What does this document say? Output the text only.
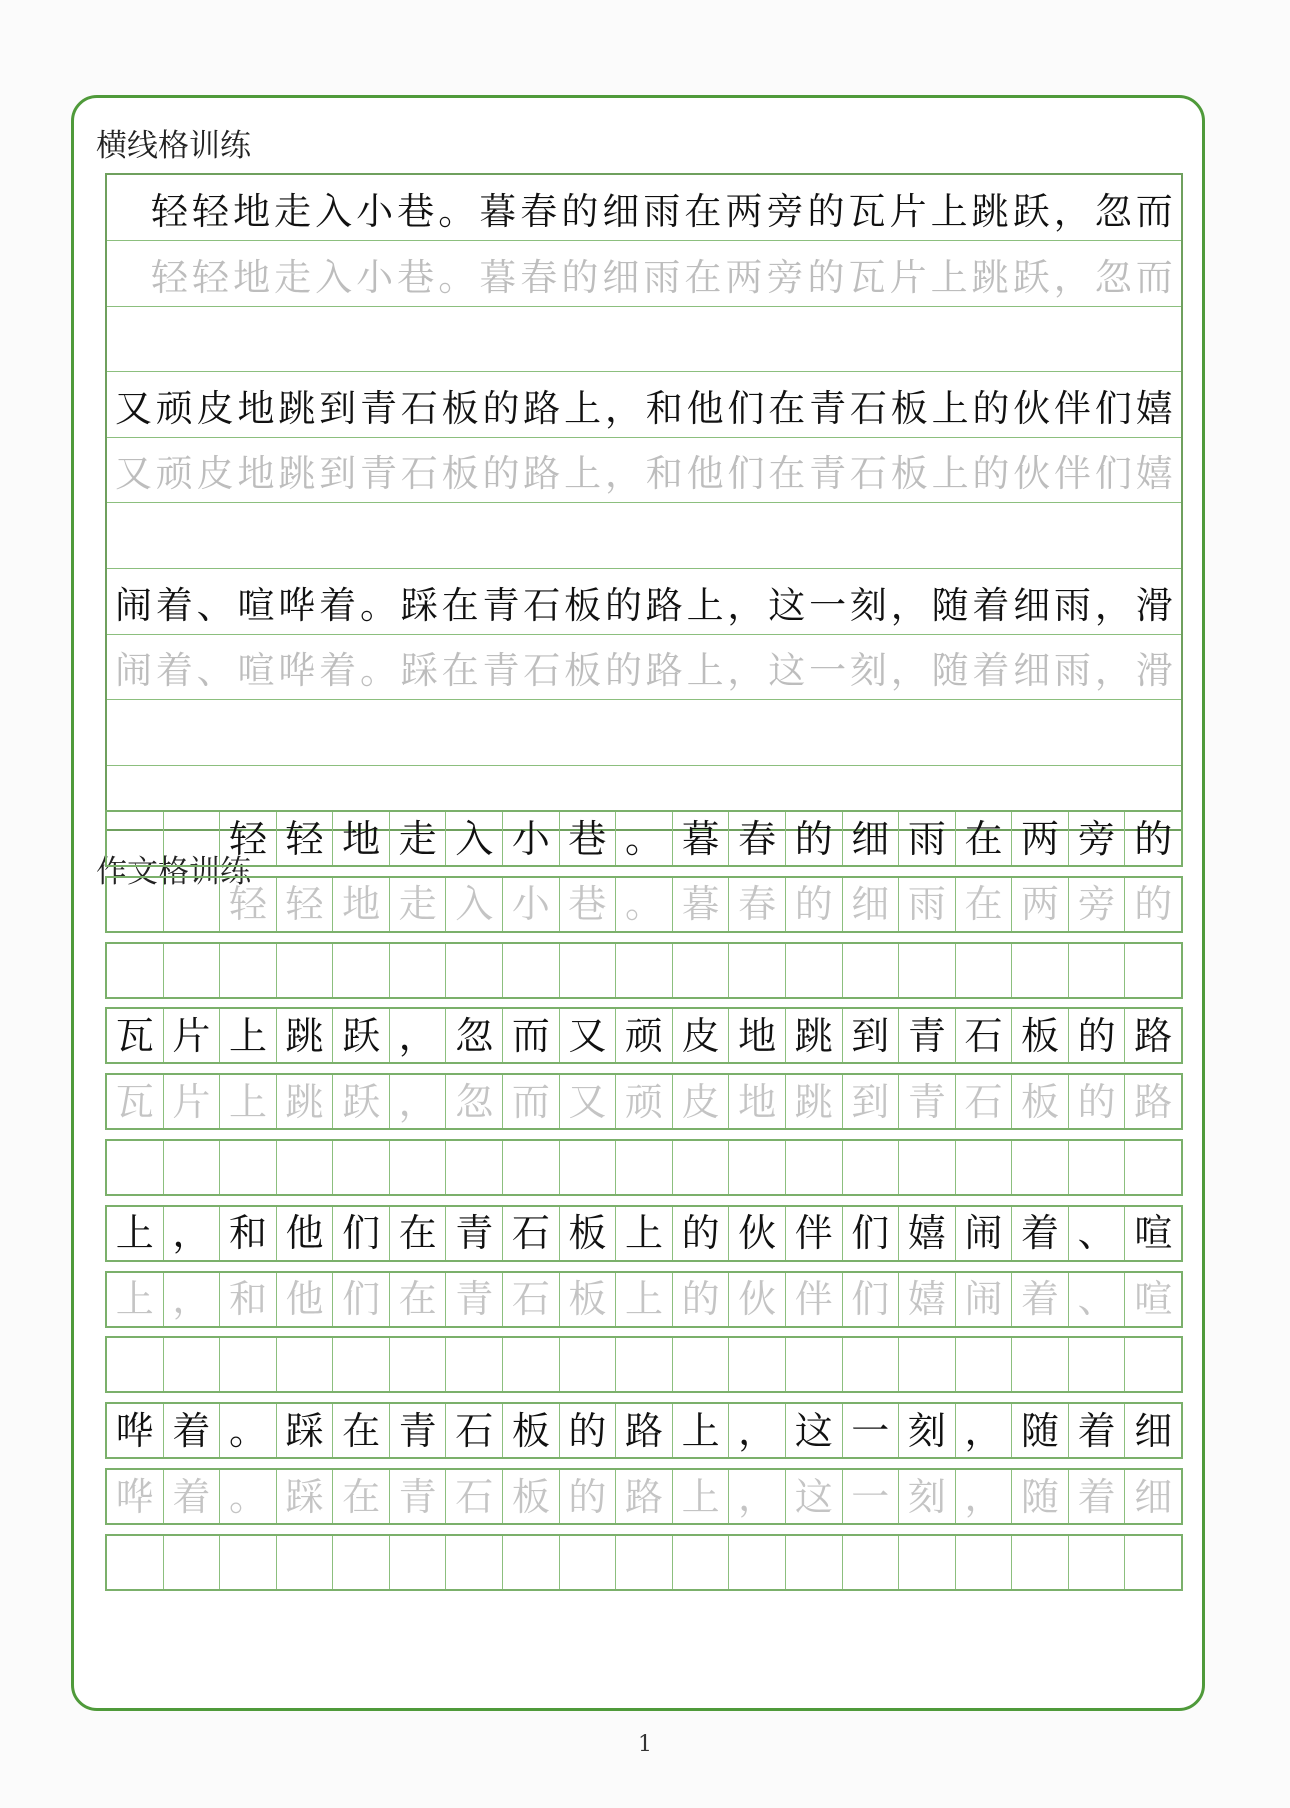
横线格训练
轻 轻 地 走 入 小 巷 。 暮 春 的 细 雨 在 两 旁 的 瓦 片 上 跳 跃 ， 忽 而
轻 轻 地 走 入 小 巷 。 暮 春 的 细 雨 在 两 旁 的 瓦 片 上 跳 跃 ， 忽 而
又 顽 皮 地 跳 到 青 石 板 的 路 上 ， 和 他 们 在 青 石 板 上 的 伙 伴 们 嬉
又 顽 皮 地 跳 到 青 石 板 的 路 上 ， 和 他 们 在 青 石 板 上 的 伙 伴 们 嬉
闹 着 、 喧 哗 着 。 踩 在 青 石 板 的 路 上 ， 这 一 刻 ， 随 着 细 雨 ， 滑
闹 着 、 喧 哗 着 。 踩 在 青 石 板 的 路 上 ， 这 一 刻 ， 随 着 细 雨 ， 滑
作文格训练
轻 轻 地 走 入 小 巷 。 暮 春 的 细 雨 在 两 旁 的
轻 轻 地 走 入 小 巷 。 暮 春 的 细 雨 在 两 旁 的
瓦 片 上 跳 跃 ， 忽 而 又 顽 皮 地 跳 到 青 石 板 的 路
瓦 片 上 跳 跃 ， 忽 而 又 顽 皮 地 跳 到 青 石 板 的 路
上 ， 和 他 们 在 青 石 板 上 的 伙 伴 们 嬉 闹 着 、 喧
上 ， 和 他 们 在 青 石 板 上 的 伙 伴 们 嬉 闹 着 、 喧
哗 着 。 踩 在 青 石 板 的 路 上 ， 这 一 刻 ， 随 着 细
哗 着 。 踩 在 青 石 板 的 路 上 ， 这 一 刻 ， 随 着 细
1
